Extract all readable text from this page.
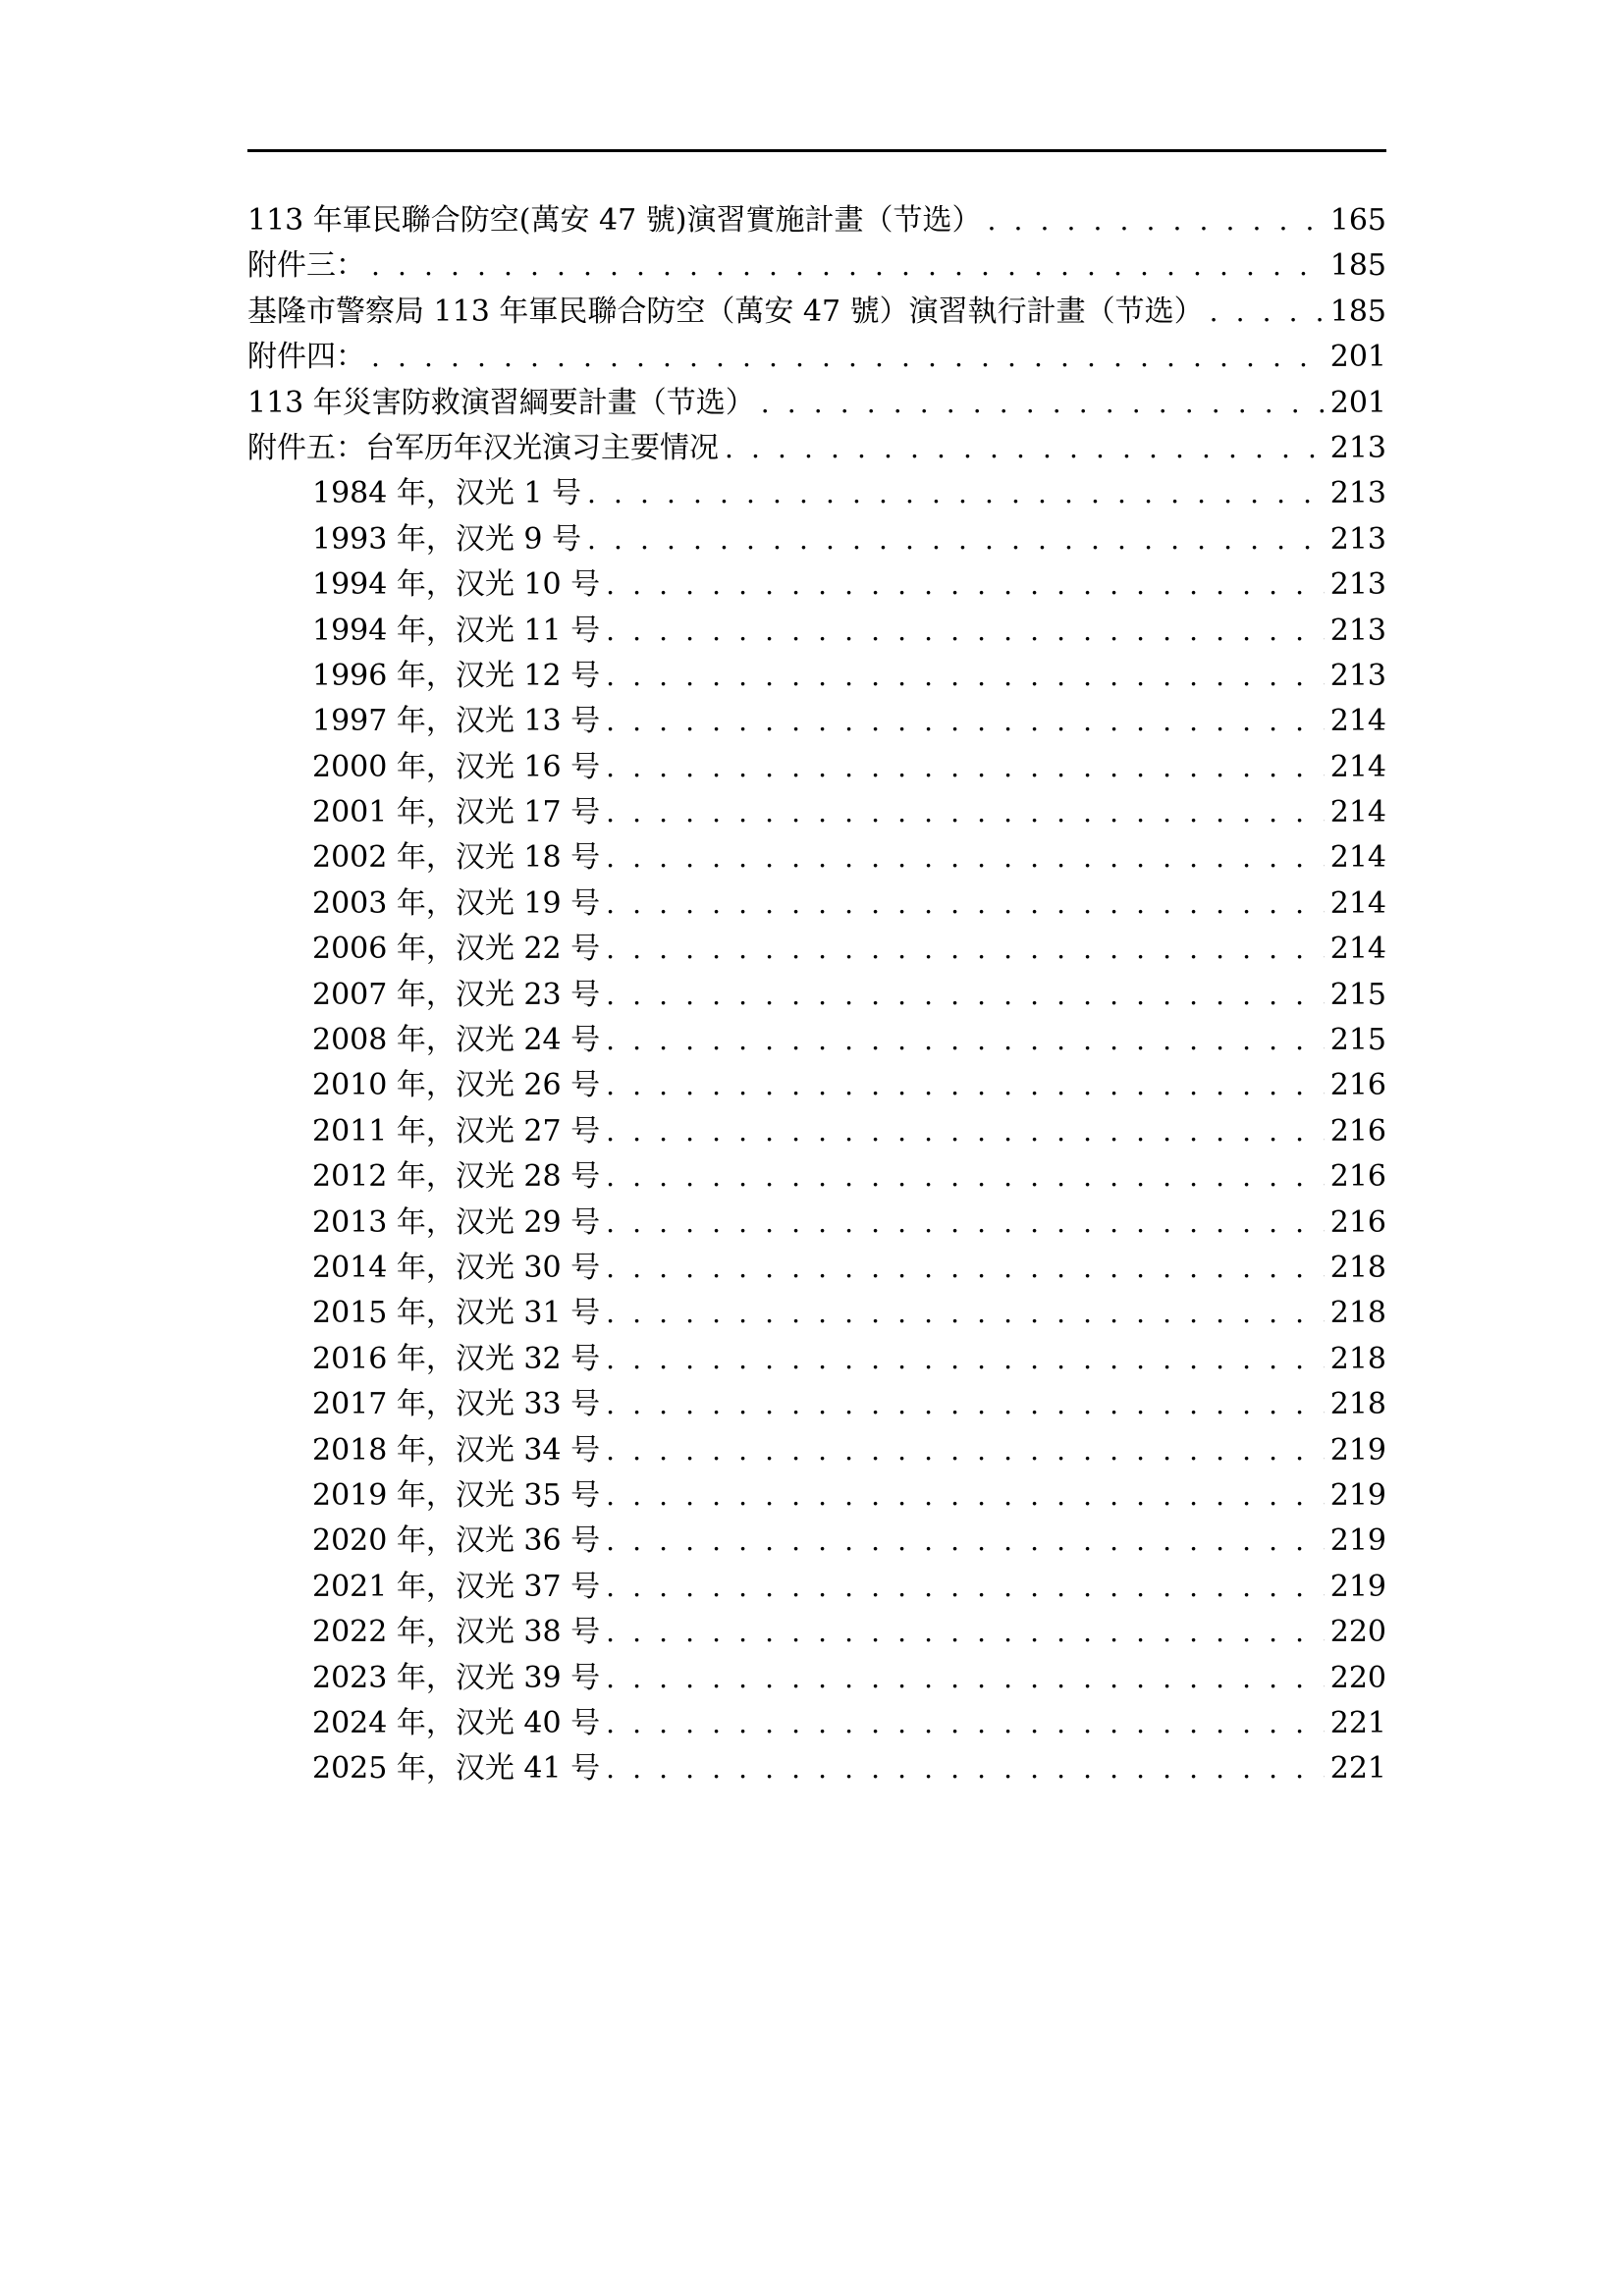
113 年軍民聯合防空(萬安 47 號)演習實施計畫（节选） . . .	165
附件三： . . .	185
基隆市警察局 113 年軍民聯合防空（萬安 47 號）演習執行計畫（节选） . . .	185
附件四： . . .	201
113 年災害防救演習綱要計畫（节选） . . .	201
附件五：台军历年汉光演习主要情况 . . .	213
1984 年，汉光 1 号 . . .	213
1993 年，汉光 9 号 . . .	213
1994 年，汉光 10 号 . . .	213
1994 年，汉光 11 号 . . .	213
1996 年，汉光 12 号 . . .	213
1997 年，汉光 13 号 . . .	214
2000 年，汉光 16 号 . . .	214
2001 年，汉光 17 号 . . .	214
2002 年，汉光 18 号 . . .	214
2003 年，汉光 19 号 . . .	214
2006 年，汉光 22 号 . . .	214
2007 年，汉光 23 号 . . .	215
2008 年，汉光 24 号 . . .	215
2010 年，汉光 26 号 . . .	216
2011 年，汉光 27 号 . . .	216
2012 年，汉光 28 号 . . .	216
2013 年，汉光 29 号 . . .	216
2014 年，汉光 30 号 . . .	218
2015 年，汉光 31 号 . . .	218
2016 年，汉光 32 号 . . .	218
2017 年，汉光 33 号 . . .	218
2018 年，汉光 34 号 . . .	219
2019 年，汉光 35 号 . . .	219
2020 年，汉光 36 号 . . .	219
2021 年，汉光 37 号 . . .	219
2022 年，汉光 38 号 . . .	220
2023 年，汉光 39 号 . . .	220
2024 年，汉光 40 号 . . .	221
2025 年，汉光 41 号 . . .	221
